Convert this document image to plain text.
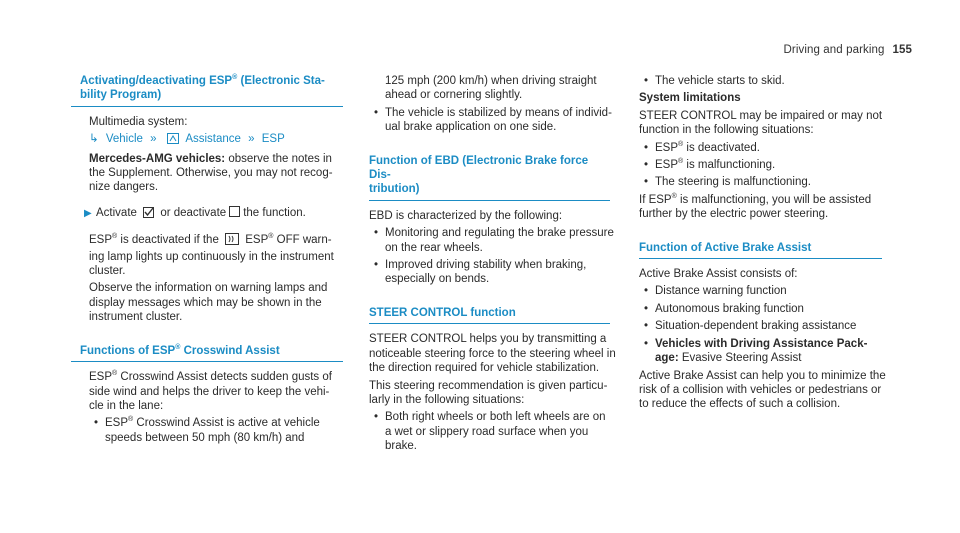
Driving and parking 155
Activating/deactivating ESP® (Electronic Sta-
bility Program)

Multimedia system:

↳ Vehicle »	Assistance » ESP

Mercedes-AMG vehicles: observe the notes in
the Supplement. Otherwise, you may not recog-
nize dangers.

▶ Activate or deactivate the function.

ESP® is deactivated if the ESP® OFF warn-
ing lamp lights up continuously in the instrument
cluster.

Observe the information on warning lamps and
display messages which may be shown in the
instrument cluster.

Functions of ESP® Crosswind Assist

ESP® Crosswind Assist detects sudden gusts of
side wind and helps the driver to keep the vehi-
cle in the lane:

• ESP® Crosswind Assist is active at vehicle
speeds between 50 mph (80 km/h) and

125 mph (200 km/h) when driving straight
ahead or cornering slightly.

• The vehicle is stabilized by means of individ-
ual brake application on one side.

Function of EBD (Electronic Brake force Dis-
tribution)

EBD is characterized by the following:

• Monitoring and regulating the brake pressure
on the rear wheels.

• Improved driving stability when braking,
especially on bends.

STEER CONTROL function

STEER CONTROL helps you by transmitting a
noticeable steering force to the steering wheel in
the direction required for vehicle stabilization.

This steering recommendation is given particu-
larly in the following situations:

• Both right wheels or both left wheels are on
a wet or slippery road surface when you
brake.

• The vehicle starts to skid.

System limitations

STEER CONTROL may be impaired or may not
function in the following situations:

• ESP® is deactivated.

• ESP® is malfunctioning.

• The steering is malfunctioning.

If ESP® is malfunctioning, you will be assisted
further by the electric power steering.

Function of Active Brake Assist

Active Brake Assist consists of:

• Distance warning function

• Autonomous braking function

• Situation-dependent braking assistance

• Vehicles with Driving Assistance Pack-
age: Evasive Steering Assist

Active Brake Assist can help you to minimize the
risk of a collision with vehicles or pedestrians or
to reduce the effects of such a collision.
